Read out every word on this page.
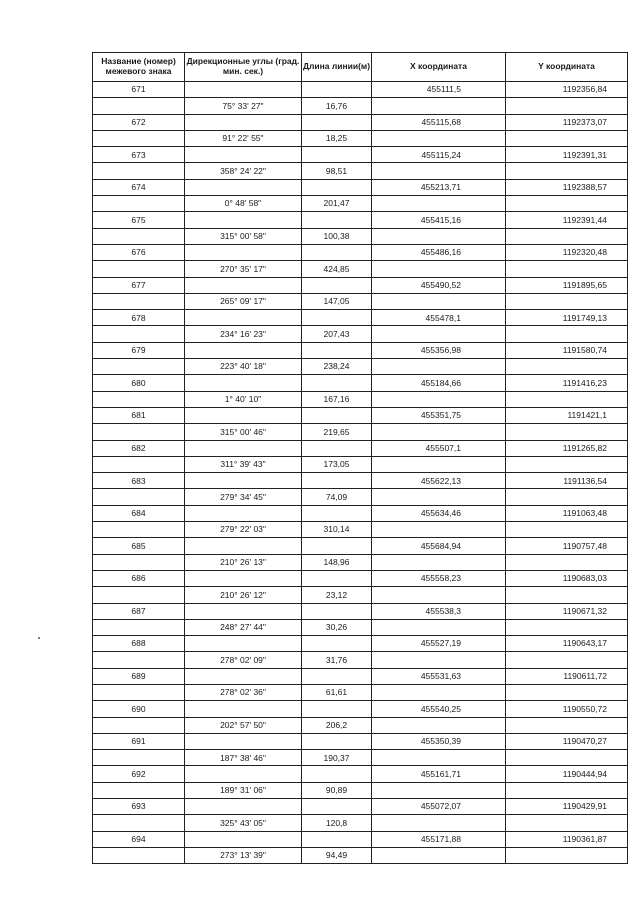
Название (номер) межевого знака	Дирекционные углы (град. мин. сек.)	Длина линии(м)	X координата	Y координата
671			455111,5	1192356,84
	75° 33' 27"	16,76		
672			455115,68	1192373,07
	91° 22' 55"	18,25		
673			455115,24	1192391,31
	358° 24' 22"	98,51		
674			455213,71	1192388,57
	0° 48' 58"	201,47		
675			455415,16	1192391,44
	315° 00' 58"	100,38		
676			455486,16	1192320,48
	270° 35' 17"	424,85		
677			455490,52	1191895,65
	265° 09' 17"	147,05		
678			455478,1	1191749,13
	234° 16' 23"	207,43		
679			455356,98	1191580,74
	223° 40' 18"	238,24		
680			455184,66	1191416,23
	1° 40' 10"	167,16		
681			455351,75	1191421,1
	315° 00' 46"	219,65		
682			455507,1	1191265,82
	311° 39' 43"	173,05		
683			455622,13	1191136,54
	279° 34' 45"	74,09		
684			455634,46	1191063,48
	279° 22' 03"	310,14		
685			455684,94	1190757,48
	210° 26' 13"	148,96		
686			455558,23	1190683,03
	210° 26' 12"	23,12		
687			455538,3	1190671,32
	248° 27' 44"	30,26		
688			455527,19	1190643,17
	278° 02' 09"	31,76		
689			455531,63	1190611,72
	278° 02' 36"	61,61		
690			455540,25	1190550,72
	202° 57' 50"	206,2		
691			455350,39	1190470,27
	187° 38' 46"	190,37		
692			455161,71	1190444,94
	189° 31' 06"	90,89		
693			455072,07	1190429,91
	325° 43' 05"	120,8		
694			455171,88	1190361,87
	273° 13' 39"	94,49		
